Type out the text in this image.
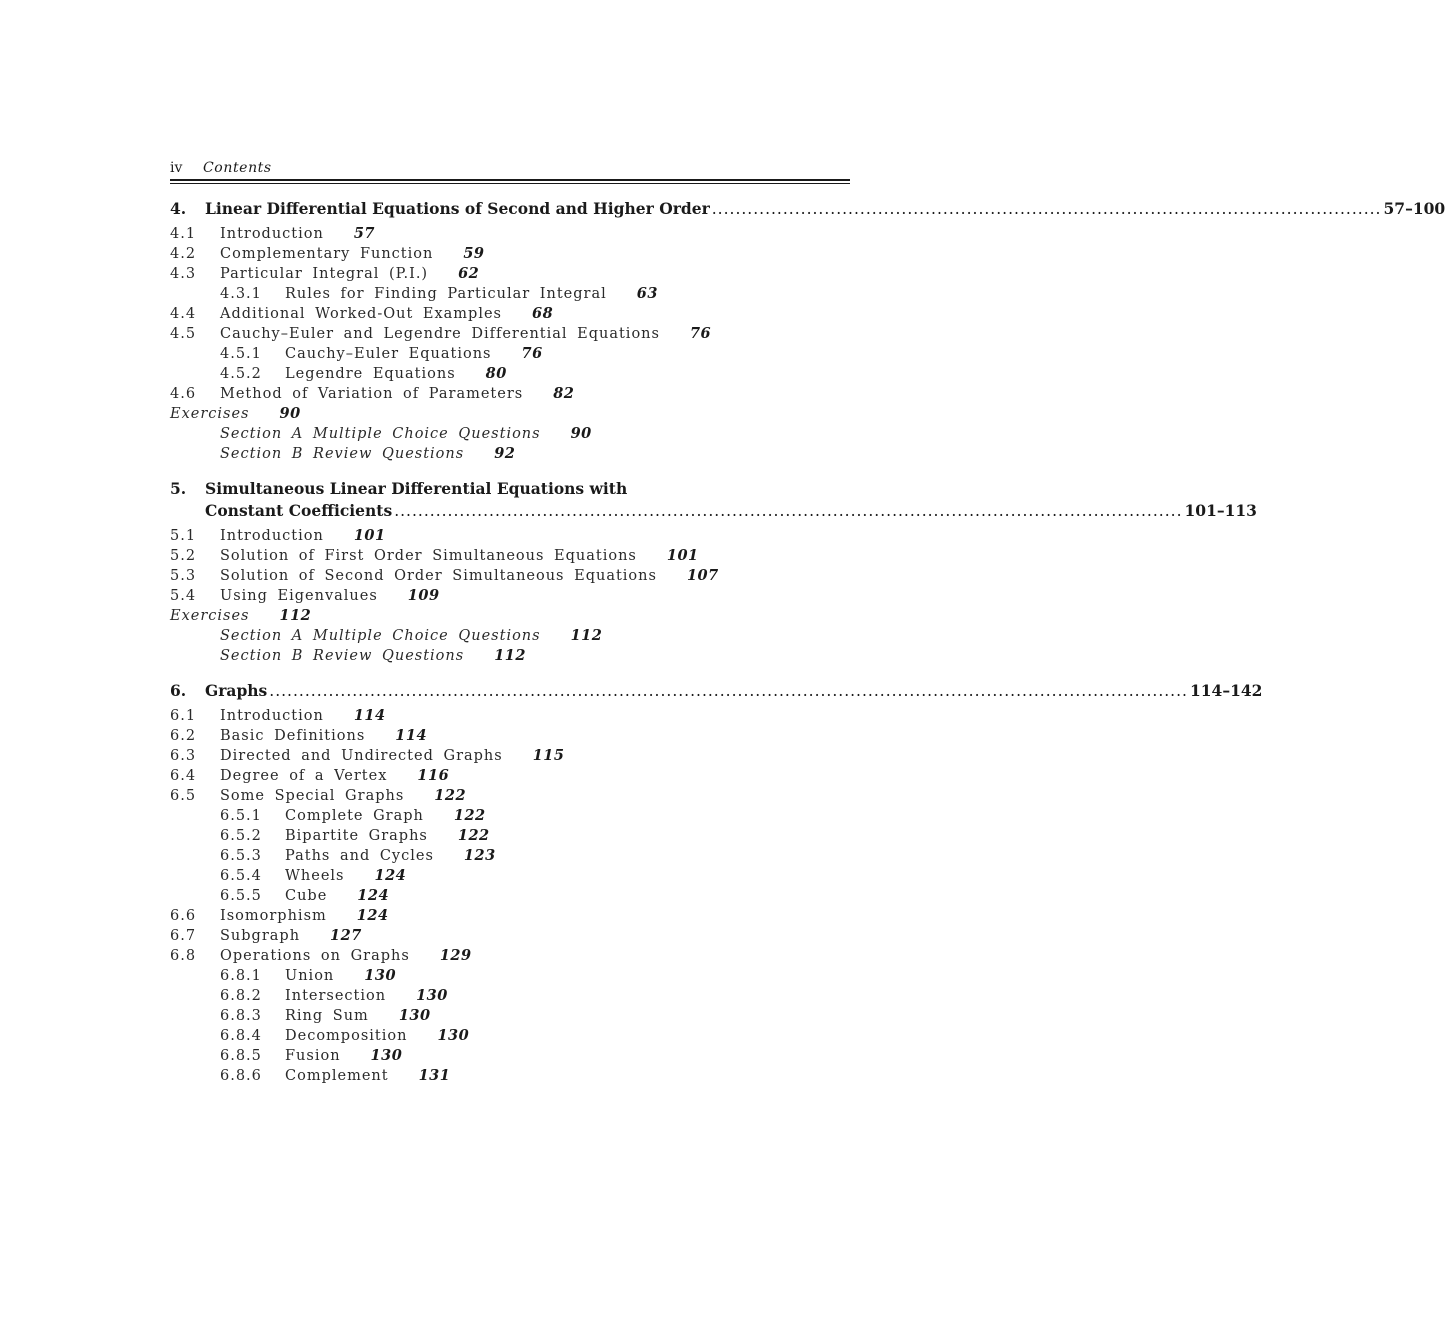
iv Contents
4. Linear Differential Equations of Second and Higher Order ................................................................................................................. 57–100
4.1 Introduction 57
4.2 Complementary Function 59
4.3 Particular Integral (P.I.) 62
4.3.1 Rules for Finding Particular Integral 63
4.4 Additional Worked-Out Examples 68
4.5 Cauchy–Euler and Legendre Differential Equations 76
4.5.1 Cauchy–Euler Equations 76
4.5.2 Legendre Equations 80
4.6 Method of Variation of Parameters 82
Exercises 90
Section A Multiple Choice Questions 90
Section B Review Questions 92
5. Simultaneous Linear Differential Equations with
Constant Coefficients ..................................................................................................................................... 101–113
5.1 Introduction 101
5.2 Solution of First Order Simultaneous Equations 101
5.3 Solution of Second Order Simultaneous Equations 107
5.4 Using Eigenvalues 109
Exercises 112
Section A Multiple Choice Questions 112
Section B Review Questions 112
6. Graphs ........................................................................................................................................................... 114–142
6.1 Introduction 114
6.2 Basic Definitions 114
6.3 Directed and Undirected Graphs 115
6.4 Degree of a Vertex 116
6.5 Some Special Graphs 122
6.5.1 Complete Graph 122
6.5.2 Bipartite Graphs 122
6.5.3 Paths and Cycles 123
6.5.4 Wheels 124
6.5.5 Cube 124
6.6 Isomorphism 124
6.7 Subgraph 127
6.8 Operations on Graphs 129
6.8.1 Union 130
6.8.2 Intersection 130
6.8.3 Ring Sum 130
6.8.4 Decomposition 130
6.8.5 Fusion 130
6.8.6 Complement 131
